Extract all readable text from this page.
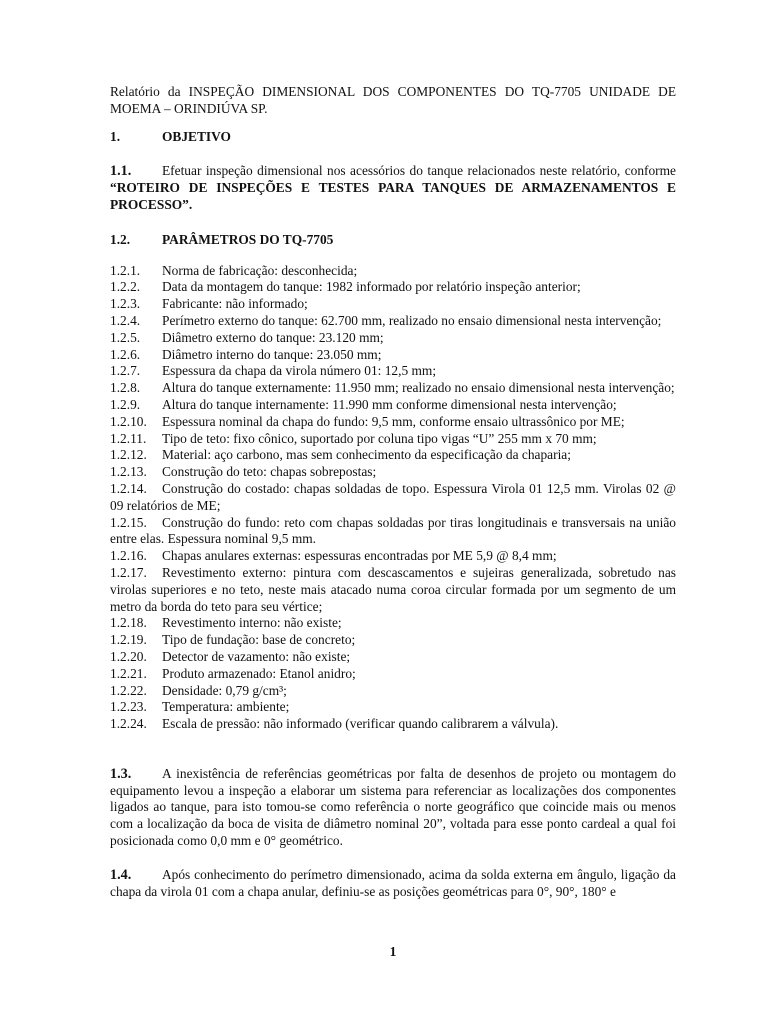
Relatório da INSPEÇÃO DIMENSIONAL DOS COMPONENTES DO TQ-7705 UNIDADE DE MOEMA – ORINDIÚVA SP.

1.	OBJETIVO

1.1. Efetuar inspeção dimensional nos acessórios do tanque relacionados neste relatório, conforme “ROTEIRO DE INSPEÇÕES E TESTES PARA TANQUES DE ARMAZENAMENTOS E PROCESSO”.

1.2.	PARÂMETROS DO TQ-7705
1.2.1. Norma de fabricação: desconhecida;
1.2.2. Data da montagem do tanque: 1982 informado por relatório inspeção anterior;
1.2.3. Fabricante: não informado;
1.2.4. Perímetro externo do tanque: 62.700 mm, realizado no ensaio dimensional nesta intervenção;
1.2.5. Diâmetro externo do tanque: 23.120 mm;
1.2.6. Diâmetro interno do tanque: 23.050 mm;
1.2.7. Espessura da chapa da virola número 01: 12,5 mm;
1.2.8. Altura do tanque externamente: 11.950 mm; realizado no ensaio dimensional nesta intervenção;
1.2.9. Altura do tanque internamente: 11.990 mm conforme dimensional nesta intervenção;
1.2.10. Espessura nominal da chapa do fundo: 9,5 mm, conforme ensaio ultrassônico por ME;
1.2.11. Tipo de teto: fixo cônico, suportado por coluna tipo vigas “U” 255 mm x 70 mm;
1.2.12. Material: aço carbono, mas sem conhecimento da especificação da chaparia;
1.2.13. Construção do teto: chapas sobrepostas;
1.2.14. Construção do costado: chapas soldadas de topo. Espessura Virola 01 12,5 mm. Virolas 02 @ 09 relatórios de ME;
1.2.15. Construção do fundo: reto com chapas soldadas por tiras longitudinais e transversais na união entre elas. Espessura nominal 9,5 mm.
1.2.16. Chapas anulares externas: espessuras encontradas por ME 5,9 @ 8,4 mm;
1.2.17. Revestimento externo: pintura com descascamentos e sujeiras generalizada, sobretudo nas virolas superiores e no teto, neste mais atacado numa coroa circular formada por um segmento de um metro da borda do teto para seu vértice;
1.2.18. Revestimento interno: não existe;
1.2.19. Tipo de fundação: base de concreto;
1.2.20. Detector de vazamento: não existe;
1.2.21. Produto armazenado: Etanol anidro;
1.2.22. Densidade: 0,79 g/cm³;
1.2.23. Temperatura: ambiente;
1.2.24. Escala de pressão: não informado (verificar quando calibrarem a válvula).

1.3. A inexistência de referências geométricas por falta de desenhos de projeto ou montagem do equipamento levou a inspeção a elaborar um sistema para referenciar as localizações dos componentes ligados ao tanque, para isto tomou-se como referência o norte geográfico que coincide mais ou menos com a localização da boca de visita de diâmetro nominal 20”, voltada para esse ponto cardeal a qual foi posicionada como 0,0 mm e 0° geométrico.

1.4. Após conhecimento do perímetro dimensionado, acima da solda externa em ângulo, ligação da chapa da virola 01 com a chapa anular, definiu-se as posições geométricas para 0°, 90°, 180° e

1
